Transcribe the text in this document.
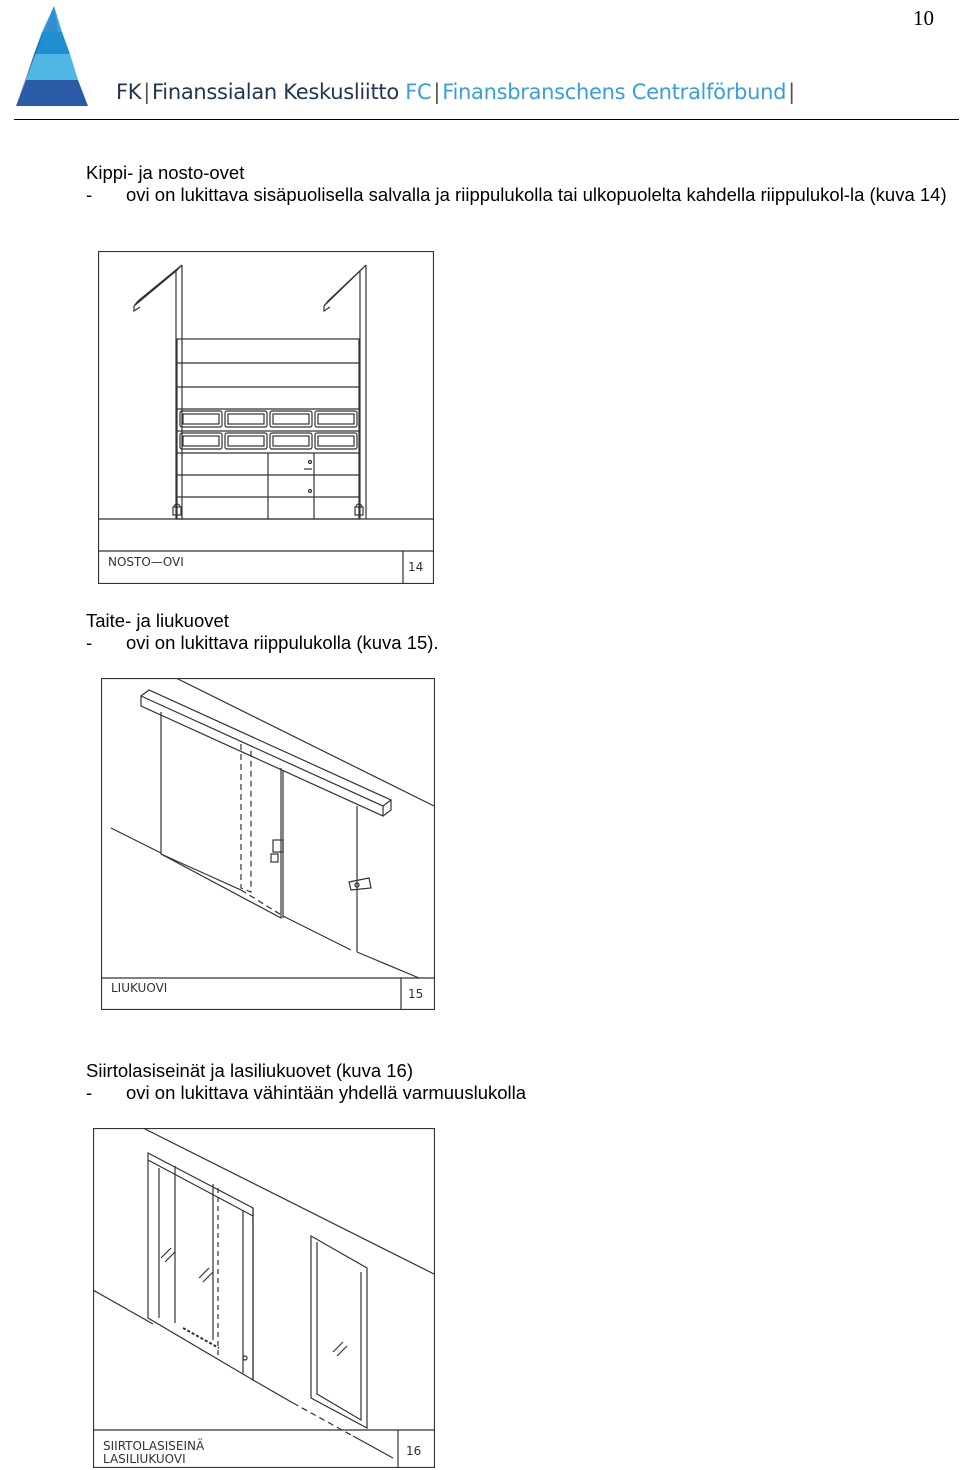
10
FK|Finanssialan Keskusliitto FC|Finansbranschens Centralförbund|

Kippi- ja nosto-ovet

-	ovi on lukittava sisäpuolisella salvalla ja riippulukolla tai ulkopuolelta kahdella riippulukol-la (kuva 14)
NOSTO—OVI	14

Taite- ja liukuovet

-	ovi on lukittava riippulukolla (kuva 15).
LIUKUOVI	15

Siirtolasiseinät ja lasiliukuovet (kuva 16)

-	ovi on lukittava vähintään yhdellä varmuuslukolla
SIIRTOLASISEINÄ
LASILIUKUOVI
16
